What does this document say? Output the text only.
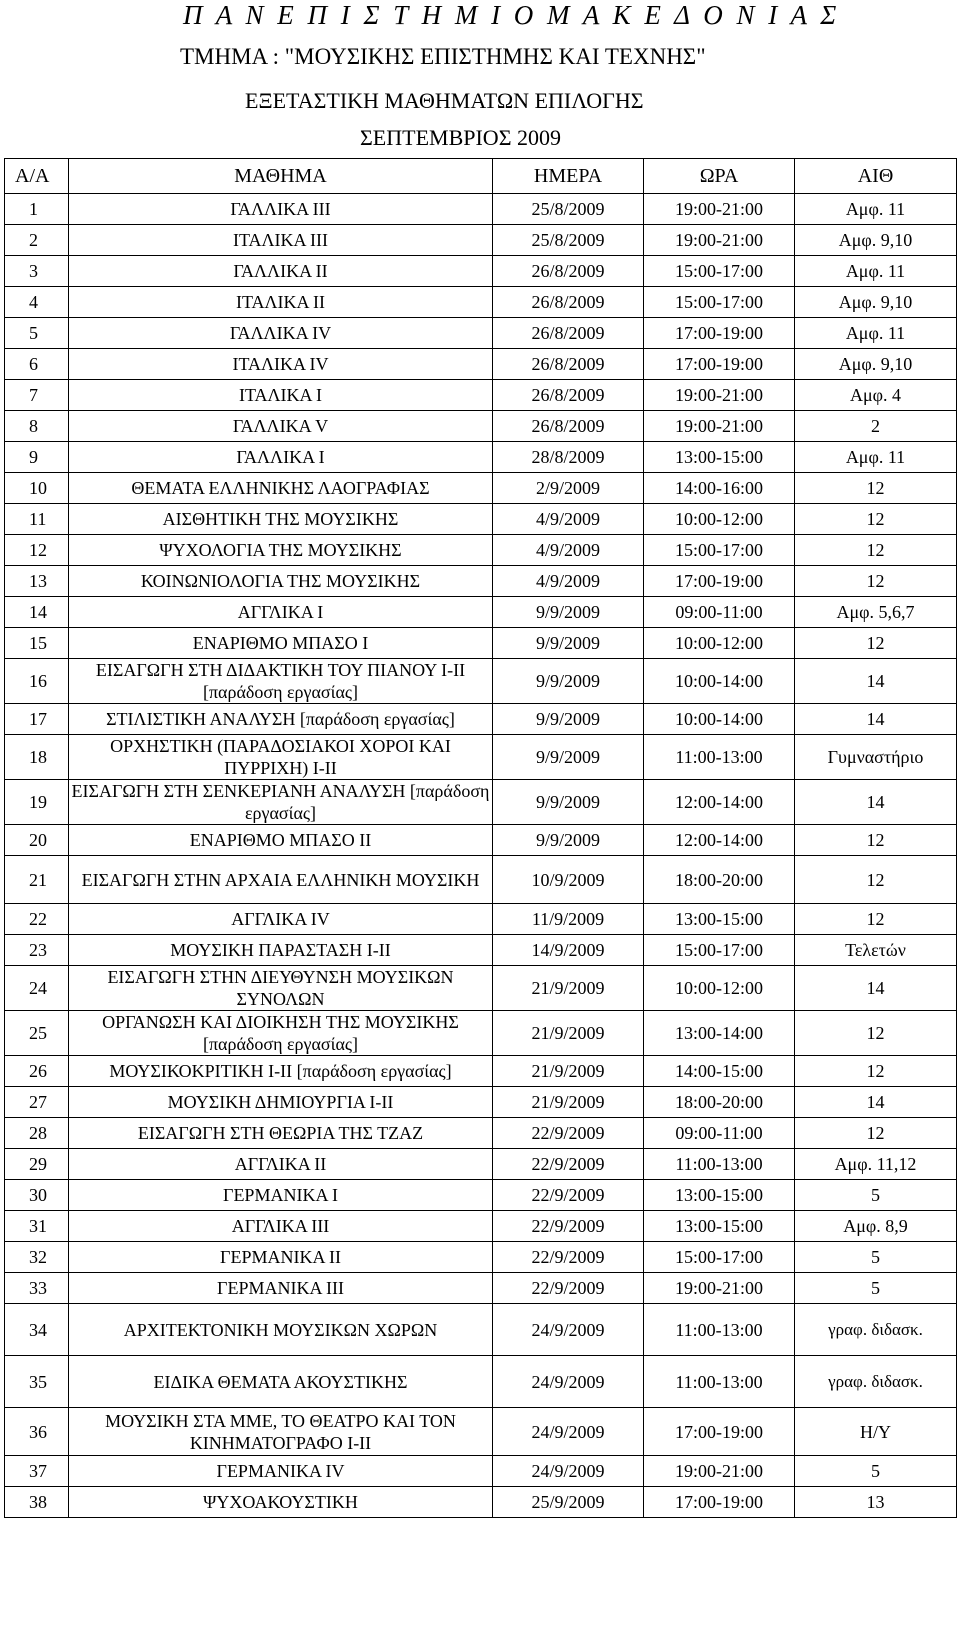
Π Α Ν Ε Π Ι Σ Τ Η Μ Ι Ο Μ Α Κ Ε Δ Ο Ν Ι Α Σ
ΤΜΗΜΑ : "ΜΟΥΣΙΚΗΣ ΕΠΙΣΤΗΜΗΣ ΚΑΙ ΤΕΧΝΗΣ"
ΕΞΕΤΑΣΤΙΚΗ ΜΑΘΗΜΑΤΩΝ ΕΠΙΛΟΓΗΣ
ΣΕΠΤΕΜΒΡΙΟΣ 2009
Α/Α	ΜΑΘΗΜΑ	ΗΜΕΡΑ	ΩΡΑ	ΑΙΘ
1	ΓΑΛΛΙΚΑ ΙΙΙ	25/8/2009	19:00-21:00	Αμφ. 11
2	ΙΤΑΛΙΚΑ ΙΙΙ	25/8/2009	19:00-21:00	Αμφ. 9,10
3	ΓΑΛΛΙΚΑ ΙΙ	26/8/2009	15:00-17:00	Αμφ. 11
4	ΙΤΑΛΙΚΑ ΙΙ	26/8/2009	15:00-17:00	Αμφ. 9,10
5	ΓΑΛΛΙΚΑ IV	26/8/2009	17:00-19:00	Αμφ. 11
6	ΙΤΑΛΙΚΑ IV	26/8/2009	17:00-19:00	Αμφ. 9,10
7	ΙΤΑΛΙΚΑ Ι	26/8/2009	19:00-21:00	Αμφ. 4
8	ΓΑΛΛΙΚΑ V	26/8/2009	19:00-21:00	2
9	ΓΑΛΛΙΚΑ Ι	28/8/2009	13:00-15:00	Αμφ. 11
10	ΘΕΜΑΤΑ ΕΛΛΗΝΙΚΗΣ ΛΑΟΓΡΑΦΙΑΣ	2/9/2009	14:00-16:00	12
11	ΑΙΣΘΗΤΙΚΗ ΤΗΣ ΜΟΥΣΙΚΗΣ	4/9/2009	10:00-12:00	12
12	ΨΥΧΟΛΟΓΙΑ ΤΗΣ ΜΟΥΣΙΚΗΣ	4/9/2009	15:00-17:00	12
13	ΚΟΙΝΩΝΙΟΛΟΓΙΑ ΤΗΣ ΜΟΥΣΙΚΗΣ	4/9/2009	17:00-19:00	12
14	ΑΓΓΛΙΚΑ Ι	9/9/2009	09:00-11:00	Αμφ. 5,6,7
15	ΕΝΑΡΙΘΜΟ ΜΠΑΣΟ Ι	9/9/2009	10:00-12:00	12
16	ΕΙΣΑΓΩΓΗ ΣΤΗ ΔΙΔΑΚΤΙΚΗ ΤΟΥ ΠΙΑΝΟΥ Ι-ΙΙ [παράδοση εργασίας]	9/9/2009	10:00-14:00	14
17	ΣΤΙΛΙΣΤΙΚΗ ΑΝΑΛΥΣΗ [παράδοση εργασίας]	9/9/2009	10:00-14:00	14
18	ΟΡΧΗΣΤΙΚΗ (ΠΑΡΑΔΟΣΙΑΚΟΙ ΧΟΡΟΙ ΚΑΙ ΠΥΡΡΙΧΗ) Ι-ΙΙ	9/9/2009	11:00-13:00	Γυμναστήριο
19	ΕΙΣΑΓΩΓΗ ΣΤΗ ΣΕΝΚΕΡΙΑΝΗ ΑΝΑΛΥΣΗ [παράδοση εργασίας]	9/9/2009	12:00-14:00	14
20	ΕΝΑΡΙΘΜΟ ΜΠΑΣΟ ΙΙ	9/9/2009	12:00-14:00	12
21	ΕΙΣΑΓΩΓΗ ΣΤΗΝ ΑΡΧΑΙΑ ΕΛΛΗΝΙΚΗ ΜΟΥΣΙΚΗ	10/9/2009	18:00-20:00	12
22	ΑΓΓΛΙΚΑ IV	11/9/2009	13:00-15:00	12
23	ΜΟΥΣΙΚΗ ΠΑΡΑΣΤΑΣΗ Ι-ΙΙ	14/9/2009	15:00-17:00	Τελετών
24	ΕΙΣΑΓΩΓΗ ΣΤΗΝ ΔΙΕΥΘΥΝΣΗ ΜΟΥΣΙΚΩΝ ΣΥΝΟΛΩΝ	21/9/2009	10:00-12:00	14
25	ΟΡΓΑΝΩΣΗ ΚΑΙ ΔΙΟΙΚΗΣΗ ΤΗΣ ΜΟΥΣΙΚΗΣ [παράδοση εργασίας]	21/9/2009	13:00-14:00	12
26	ΜΟΥΣΙΚΟΚΡΙΤΙΚΗ Ι-ΙΙ [παράδοση εργασίας]	21/9/2009	14:00-15:00	12
27	ΜΟΥΣΙΚΗ ΔΗΜΙΟΥΡΓΙΑ Ι-ΙΙ	21/9/2009	18:00-20:00	14
28	ΕΙΣΑΓΩΓΗ ΣΤΗ ΘΕΩΡΙΑ ΤΗΣ ΤΖΑΖ	22/9/2009	09:00-11:00	12
29	ΑΓΓΛΙΚΑ ΙΙ	22/9/2009	11:00-13:00	Αμφ. 11,12
30	ΓΕΡΜΑΝΙΚΑ Ι	22/9/2009	13:00-15:00	5
31	ΑΓΓΛΙΚΑ ΙΙΙ	22/9/2009	13:00-15:00	Αμφ. 8,9
32	ΓΕΡΜΑΝΙΚΑ ΙΙ	22/9/2009	15:00-17:00	5
33	ΓΕΡΜΑΝΙΚΑ ΙΙΙ	22/9/2009	19:00-21:00	5
34	ΑΡΧΙΤΕΚΤΟΝΙΚΗ ΜΟΥΣΙΚΩΝ ΧΩΡΩΝ	24/9/2009	11:00-13:00	γραφ. διδασκ.
35	ΕΙΔΙΚΑ ΘΕΜΑΤΑ ΑΚΟΥΣΤΙΚΗΣ	24/9/2009	11:00-13:00	γραφ. διδασκ.
36	ΜΟΥΣΙΚΗ ΣΤΑ ΜΜΕ, ΤΟ ΘΕΑΤΡΟ ΚΑΙ ΤΟΝ ΚΙΝΗΜΑΤΟΓΡΑΦΟ Ι-ΙΙ	24/9/2009	17:00-19:00	Η/Υ
37	ΓΕΡΜΑΝΙΚΑ IV	24/9/2009	19:00-21:00	5
38	ΨΥΧΟΑΚΟΥΣΤΙΚΗ	25/9/2009	17:00-19:00	13
